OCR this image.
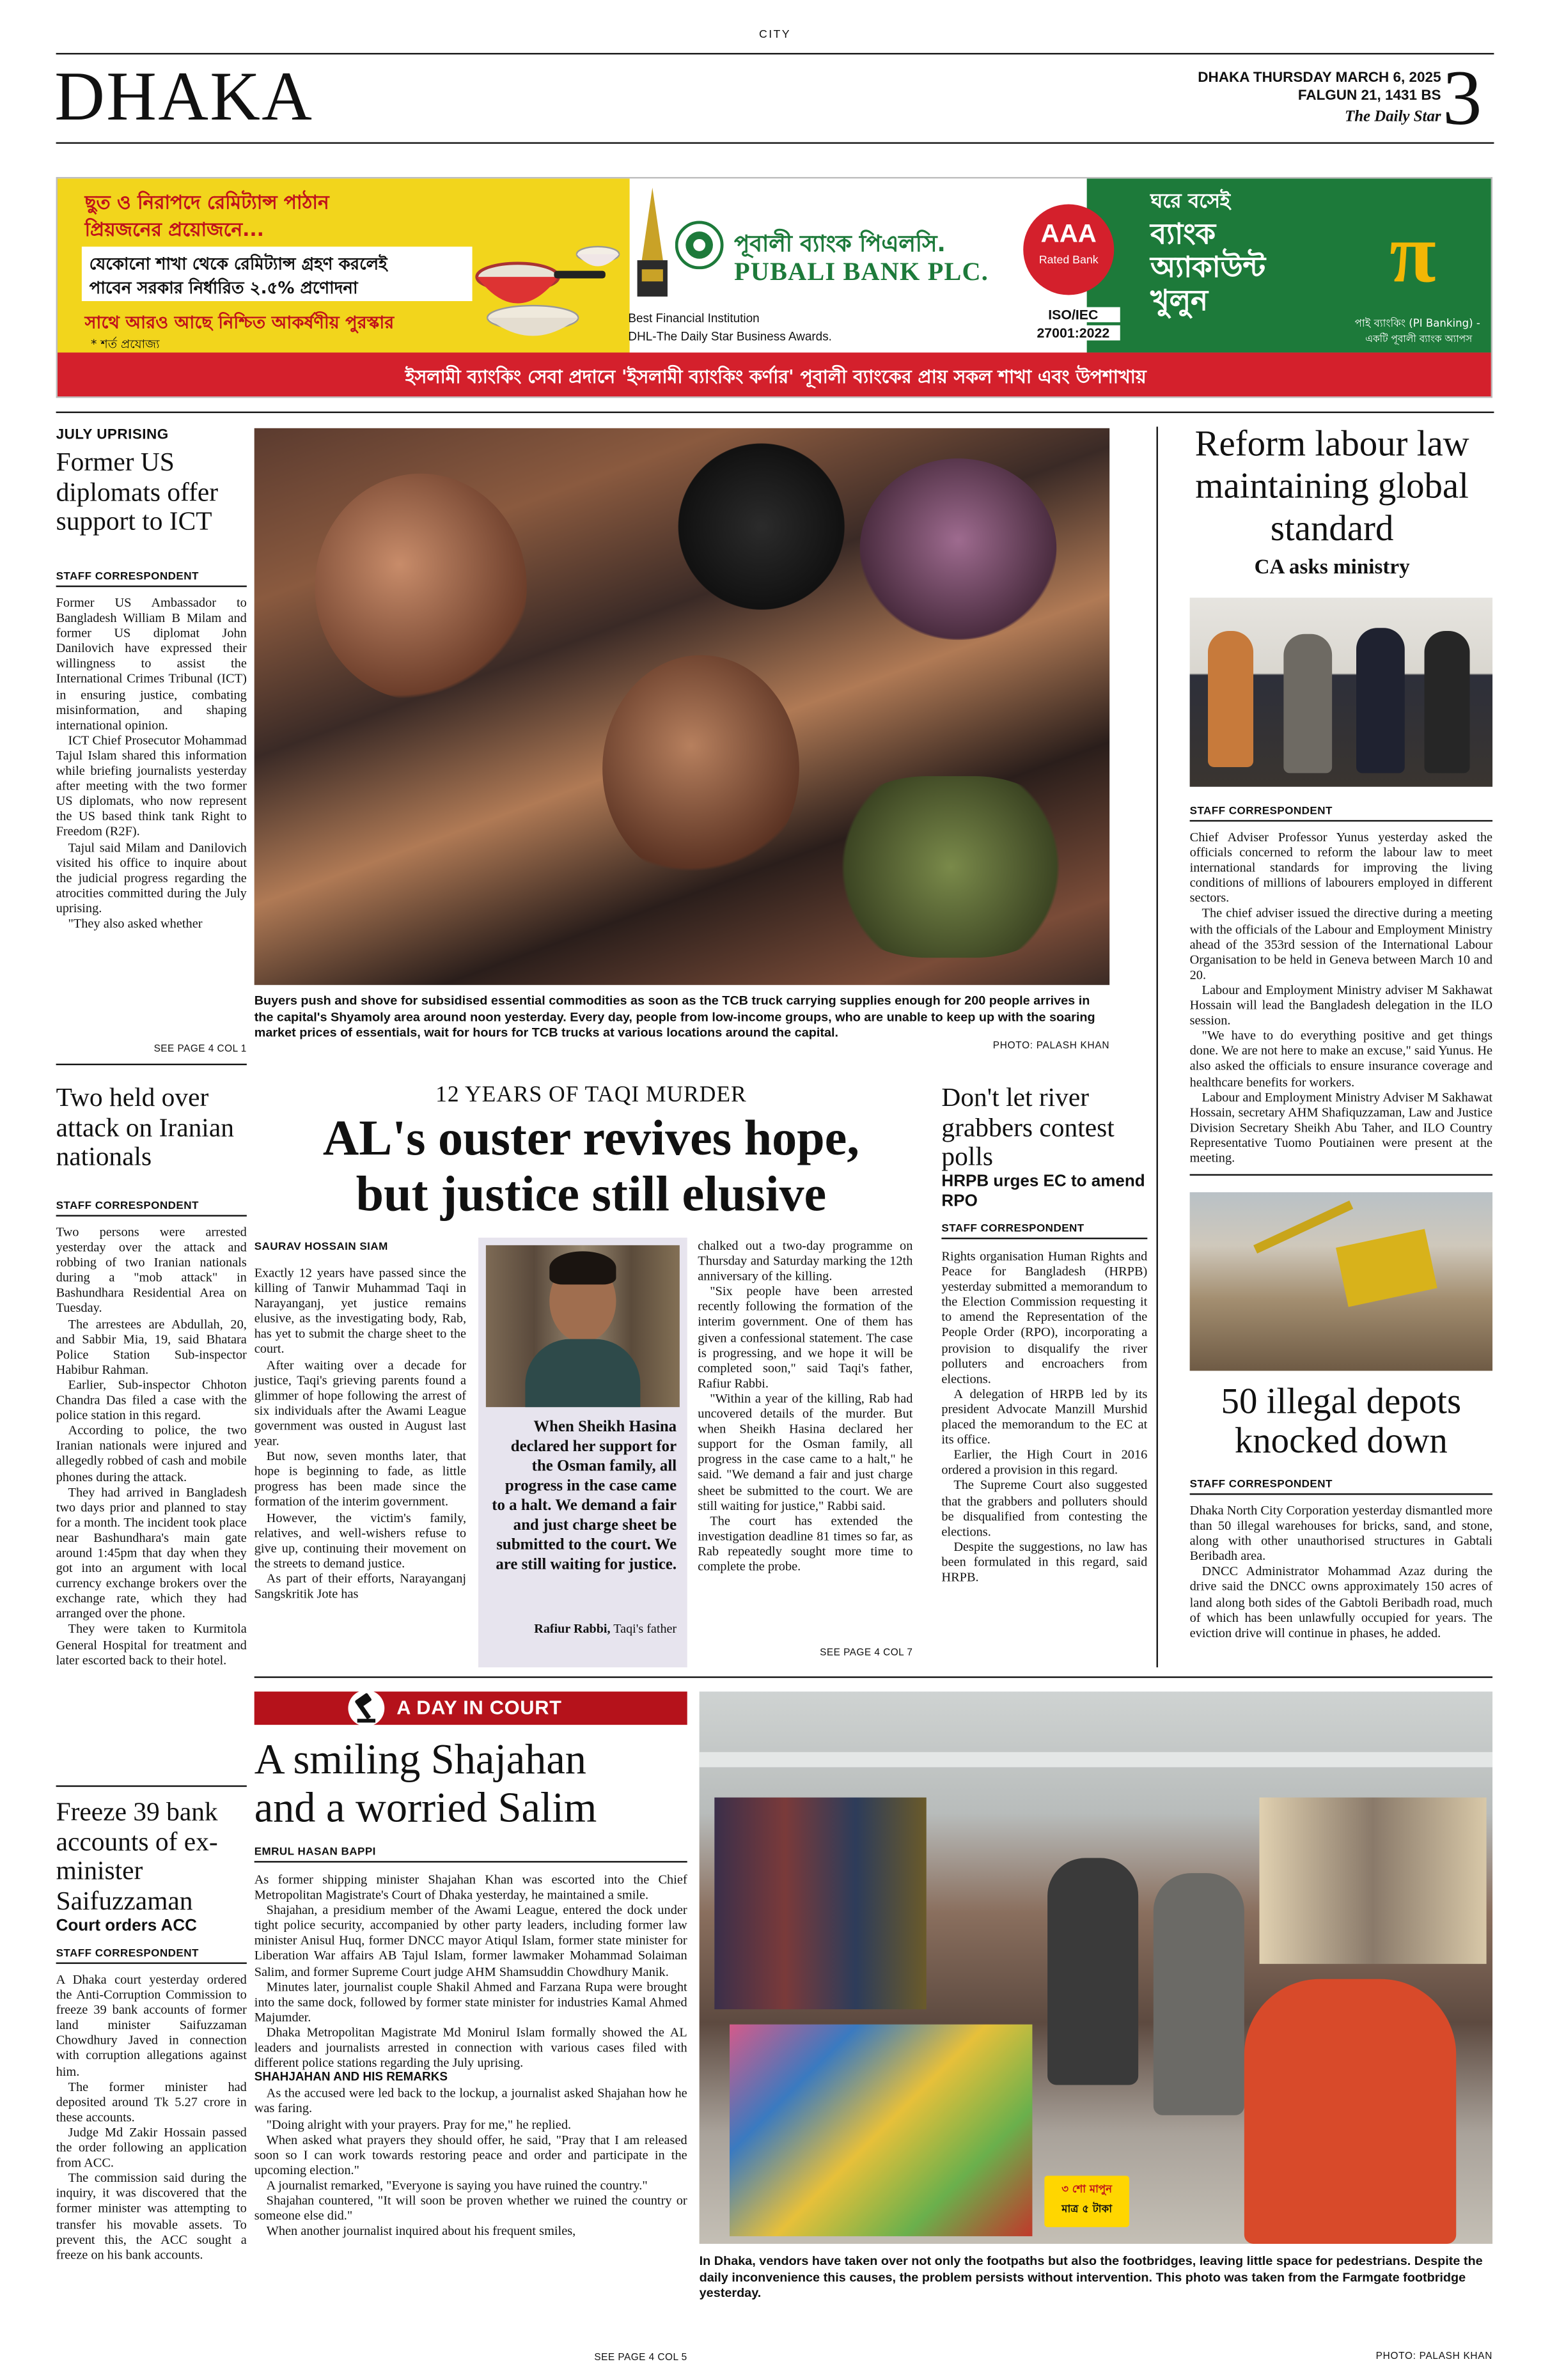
CITY
DHAKA	DHAKA THURSDAY MARCH 6, 2025
FALGUN 21, 1431 BS
The Daily Star 3
ছুত ও নিরাপদে রেমিট্যান্স পাঠান
প্রিয়জনের প্রয়োজনে...
যেকোনো শাখা থেকে রেমিট্যান্স গ্রহণ করলেই
পাবেন সরকার নির্ধারিত ২.৫% প্রণোদনা
সাথে আরও আছে নিশ্চিত আকর্ষণীয় পুরস্কার
* শর্ত প্রযোজ্য
পূবালী ব্যাংক পিএলসি.
PUBALI BANK PLC.
Best Financial Institution
DHL-The Daily Star Business Awards.
AAA
Rated Bank
ISO/IEC
27001:2022
ঘরে বসেই
ব্যাংক
অ্যাকাউন্ট
খুলুন	π
পাই ব্যাংকিং (PI Banking) -
একটি পূবালী ব্যাংক অ্যাপস
ইসলামী ব্যাংকিং সেবা প্রদানে 'ইসলামী ব্যাংকিং কর্ণার' পূবালী ব্যাংকের প্রায় সকল শাখা এবং উপশাখায়
JULY UPRISING
Former US diplomats offer support to ICT
STAFF CORRESPONDENT

Former US Ambassador to Bangladesh William B Milam and former US diplomat John Danilovich have expressed their willingness to assist the International Crimes Tribunal (ICT) in ensuring justice, combating misinformation, and shaping international opinion.

ICT Chief Prosecutor Mohammad Tajul Islam shared this information while briefing journalists yesterday after meeting with the two former US diplomats, who now represent the US based think tank Right to Freedom (R2F).

Tajul said Milam and Danilovich visited his office to inquire about the judicial progress regarding the atrocities committed during the July uprising.

"They also asked whether

SEE PAGE 4 COL 1
Buyers push and shove for subsidised essential commodities as soon as the TCB truck carrying supplies enough for 200 people arrives in the capital's Shyamoly area around noon yesterday. Every day, people from low-income groups, who are unable to keep up with the soaring market prices of essentials, wait for hours for TCB trucks at various locations around the capital.
PHOTO: PALASH KHAN
Reform labour law maintaining global standard
CA asks ministry
STAFF CORRESPONDENT

Chief Adviser Professor Yunus yesterday asked the officials concerned to reform the labour law to meet international standards for improving the living conditions of millions of labourers employed in different sectors.

The chief adviser issued the directive during a meeting with the officials of the Labour and Employment Ministry ahead of the 353rd session of the International Labour Organisation to be held in Geneva between March 10 and 20.

Labour and Employment Ministry adviser M Sakhawat Hossain will lead the Bangladesh delegation in the ILO session.

"We have to do everything positive and get things done. We are not here to make an excuse," said Yunus. He also asked the officials to ensure insurance coverage and healthcare benefits for workers.

Labour and Employment Ministry Adviser M Sakhawat Hossain, secretary AHM Shafiquzzaman, Law and Justice Division Secretary Sheikh Abu Taher, and ILO Country Representative Tuomo Poutiainen were present at the meeting.

50 illegal depots knocked down
STAFF CORRESPONDENT

Dhaka North City Corporation yesterday dismantled more than 50 illegal warehouses for bricks, sand, and stone, along with other unauthorised structures in Gabtali Beribadh area.

DNCC Administrator Mohammad Azaz during the drive said the DNCC owns approximately 150 acres of land along both sides of the Gabtoli Beribadh road, much of which has been unlawfully occupied for years. The eviction drive will continue in phases, he added.

Two held over attack on Iranian nationals
STAFF CORRESPONDENT

Two persons were arrested yesterday over the attack and robbing of two Iranian nationals during a "mob attack" in Bashundhara Residential Area on Tuesday.

The arrestees are Abdullah, 20, and Sabbir Mia, 19, said Bhatara Police Station Sub-inspector Habibur Rahman.

Earlier, Sub-inspector Chhoton Chandra Das filed a case with the police station in this regard.

According to police, the two Iranian nationals were injured and allegedly robbed of cash and mobile phones during the attack.

They had arrived in Bangladesh two days prior and planned to stay for a month. The incident took place near Bashundhara's main gate around 1:45pm that day when they got into an argument with local currency exchange brokers over the exchange rate, which they had arranged over the phone.

They were taken to Kurmitola General Hospital for treatment and later escorted back to their hotel.

12 YEARS OF TAQI MURDER
AL's ouster revives hope,
but justice still elusive
SAURAV HOSSAIN SIAM

Exactly 12 years have passed since the killing of Tanwir Muhammad Taqi in Narayanganj, yet justice remains elusive, as the investigating body, Rab, has yet to submit the charge sheet to the court.

After waiting over a decade for justice, Taqi's grieving parents found a glimmer of hope following the arrest of six individuals after the Awami League government was ousted in August last year.

But now, seven months later, that hope is beginning to fade, as little progress has been made since the formation of the interim government.

However, the victim's family, relatives, and well-wishers refuse to give up, continuing their movement on the streets to demand justice.

As part of their efforts, Narayanganj Sangskritik Jote has

When Sheikh Hasina declared her support for the Osman family, all progress in the case came to a halt. We demand a fair and just charge sheet be submitted to the court. We are still waiting for justice.
Rafiur Rabbi, Taqi's father

chalked out a two-day programme on Thursday and Saturday marking the 12th anniversary of the killing.

"Six people have been arrested recently following the formation of the interim government. One of them has given a confessional statement. The case is progressing, and we hope it will be completed soon," said Taqi's father, Rafiur Rabbi.

"Within a year of the killing, Rab had uncovered details of the murder. But when Sheikh Hasina declared her support for the Osman family, all progress in the case came to a halt," he said. "We demand a fair and just charge sheet be submitted to the court. We are still waiting for justice," Rabbi said.

The court has extended the investigation deadline 81 times so far, as Rab repeatedly sought more time to complete the probe.

SEE PAGE 4 COL 7
Don't let river grabbers contest polls
HRPB urges EC to amend RPO
STAFF CORRESPONDENT

Rights organisation Human Rights and Peace for Bangladesh (HRPB) yesterday submitted a memorandum to the Election Commission requesting it to amend the Representation of the People Order (RPO), incorporating a provision to disqualify the river polluters and encroachers from elections.

A delegation of HRPB led by its president Advocate Manzill Murshid placed the memorandum to the EC at its office.

Earlier, the High Court in 2016 ordered a provision in this regard.

The Supreme Court also suggested that the grabbers and polluters should be disqualified from contesting the elections.

Despite the suggestions, no law has been formulated in this regard, said HRPB.

A DAY IN COURT
A smiling Shajahan
and a worried Salim
EMRUL HASAN BAPPI

As former shipping minister Shajahan Khan was escorted into the Chief Metropolitan Magistrate's Court of Dhaka yesterday, he maintained a smile.

Shajahan, a presidium member of the Awami League, entered the dock under tight police security, accompanied by other party leaders, including former law minister Anisul Huq, former DNCC mayor Atiqul Islam, former state minister for Liberation War affairs AB Tajul Islam, former lawmaker Mohammad Solaiman Salim, and former Supreme Court judge AHM Shamsuddin Chowdhury Manik.

Minutes later, journalist couple Shakil Ahmed and Farzana Rupa were brought into the same dock, followed by former state minister for industries Kamal Ahmed Majumder.

Dhaka Metropolitan Magistrate Md Monirul Islam formally showed the AL leaders and journalists arrested in connection with various cases filed with different police stations regarding the July uprising.

SHAHJAHAN AND HIS REMARKS

As the accused were led back to the lockup, a journalist asked Shajahan how he was faring.

"Doing alright with your prayers. Pray for me," he replied.

When asked what prayers they should offer, he said, "Pray that I am released soon so I can work towards restoring peace and order and participate in the upcoming election."

A journalist remarked, "Everyone is saying you have ruined the country."

Shajahan countered, "It will soon be proven whether we ruined the country or someone else did."

When another journalist inquired about his frequent smiles,

SEE PAGE 4 COL 5
Freeze 39 bank accounts of ex-minister Saifuzzaman
Court orders ACC
STAFF CORRESPONDENT

A Dhaka court yesterday ordered the Anti-Corruption Commission to freeze 39 bank accounts of former land minister Saifuzzaman Chowdhury Javed in connection with corruption allegations against him.

The former minister had deposited around Tk 5.27 crore in these accounts.

Judge Md Zakir Hossain passed the order following an application from ACC.

The commission said during the inquiry, it was discovered that the former minister was attempting to transfer his movable assets. To prevent this, the ACC sought a freeze on his bank accounts.

৩ শো মাপুন
মাত্র ৫ টাকা
In Dhaka, vendors have taken over not only the footpaths but also the footbridges, leaving little space for pedestrians. Despite the daily inconvenience this causes, the problem persists without intervention. This photo was taken from the Farmgate footbridge yesterday.
PHOTO: PALASH KHAN
